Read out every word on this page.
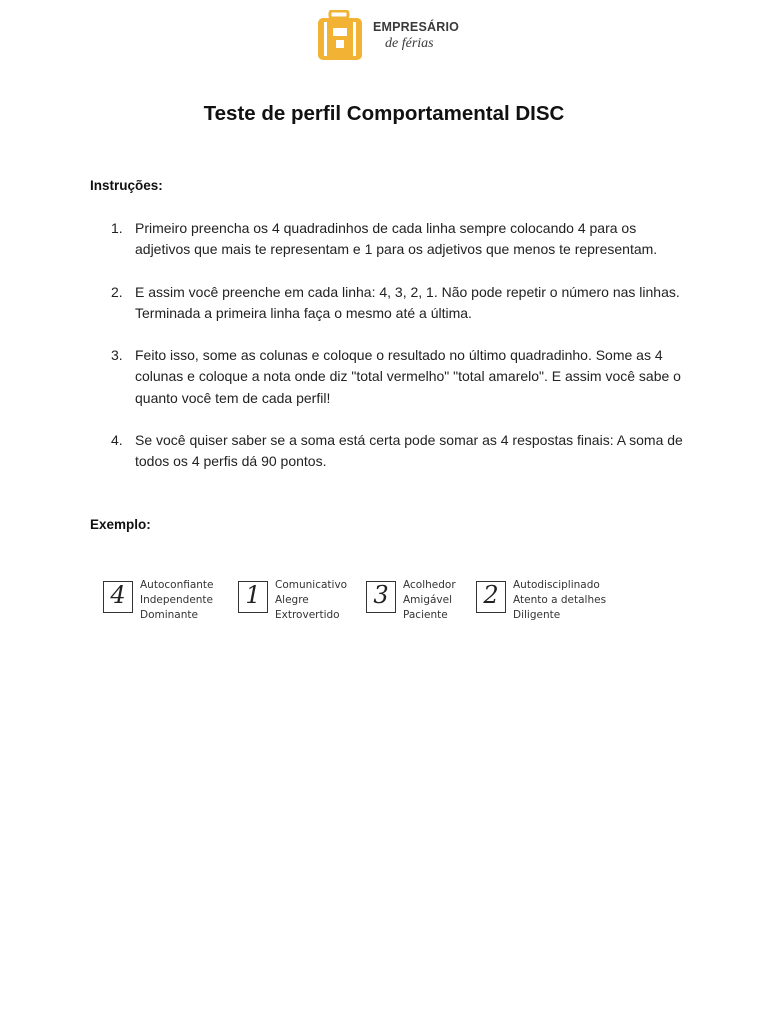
EMPRESÁRIO
de férias
Teste de perfil Comportamental DISC
Instruções:
1. Primeiro preencha os 4 quadradinhos de cada linha sempre colocando 4 para os adjetivos que mais te representam e 1 para os adjetivos que menos te representam.
2. E assim você preenche em cada linha: 4, 3, 2, 1. Não pode repetir o número nas linhas. Terminada a primeira linha faça o mesmo até a última.
3. Feito isso, some as colunas e coloque o resultado no último quadradinho. Some as 4 colunas e coloque a nota onde diz "total vermelho" "total amarelo". E assim você sabe o quanto você tem de cada perfil!
4. Se você quiser saber se a soma está certa pode somar as 4 respostas finais: A soma de todos os 4 perfis dá 90 pontos.
Exemplo:
4	Autoconfiante
Independente
Dominante
1	Comunicativo
Alegre
Extrovertido
3	Acolhedor
Amigável
Paciente
2	Autodisciplinado
Atento a detalhes
Diligente
